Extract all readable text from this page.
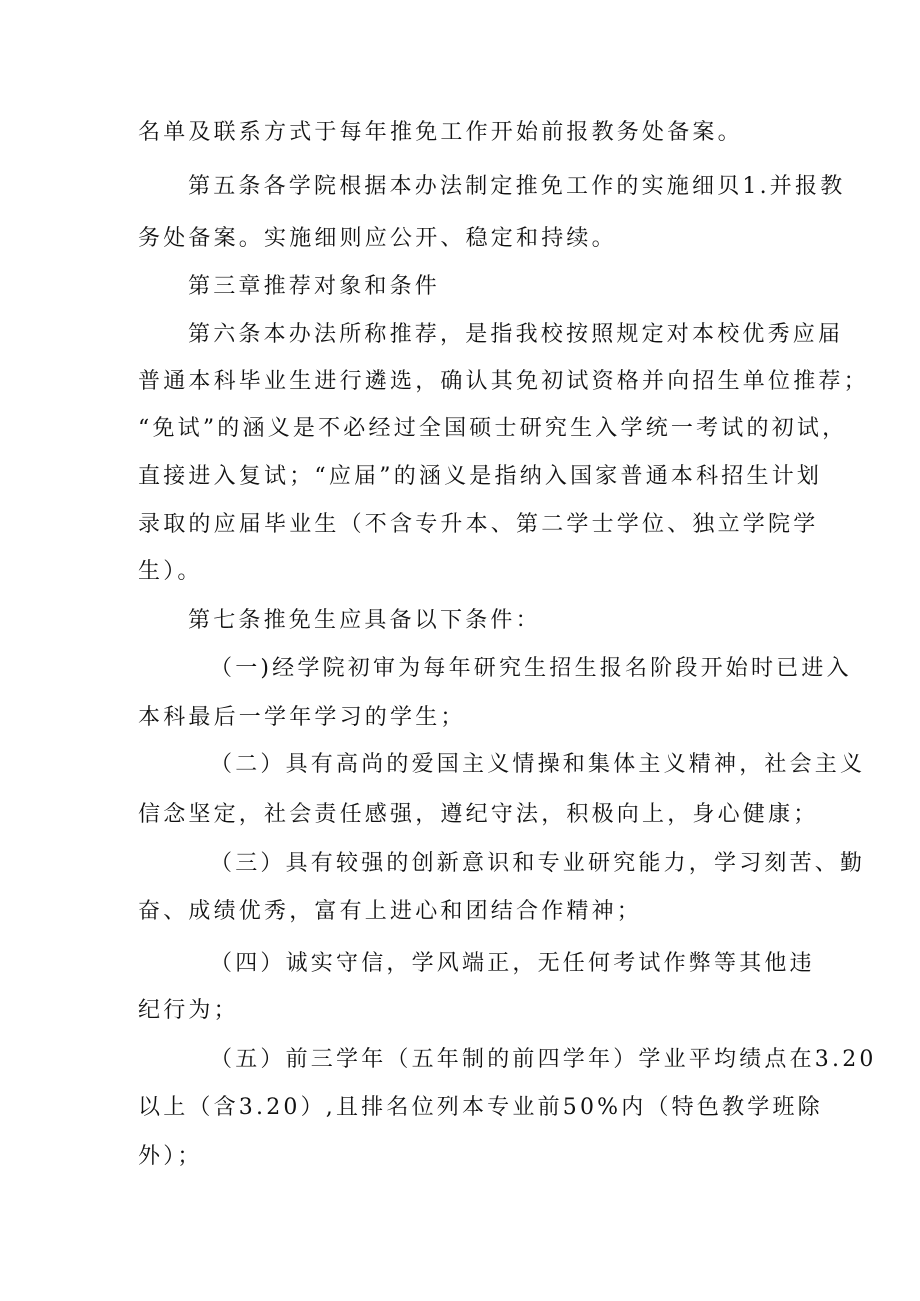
名单及联系方式于每年推免工作开始前报教务处备案。
第五条各学院根据本办法制定推免工作的实施细贝1.并报教
务处备案。实施细则应公开、稳定和持续。
第三章推荐对象和条件
第六条本办法所称推荐，是指我校按照规定对本校优秀应届
普通本科毕业生进行遴选，确认其免初试资格并向招生单位推荐；
“免试”的涵义是不必经过全国硕士研究生入学统一考试的初试，
直接进入复试；“应届”的涵义是指纳入国家普通本科招生计划
录取的应届毕业生（不含专升本、第二学士学位、独立学院学
生）。
第七条推免生应具备以下条件：
（一)经学院初审为每年研究生招生报名阶段开始时已进入
本科最后一学年学习的学生；
（二）具有高尚的爱国主义情操和集体主义精神，社会主义
信念坚定，社会责任感强，遵纪守法，积极向上，身心健康；
（三）具有较强的创新意识和专业研究能力，学习刻苦、勤
奋、成绩优秀，富有上进心和团结合作精神；
（四）诚实守信，学风端正，无任何考试作弊等其他违
纪行为；
（五）前三学年（五年制的前四学年）学业平均绩点在3.20
以上（含3.20）,且排名位列本专业前50%内（特色教学班除
外）；
